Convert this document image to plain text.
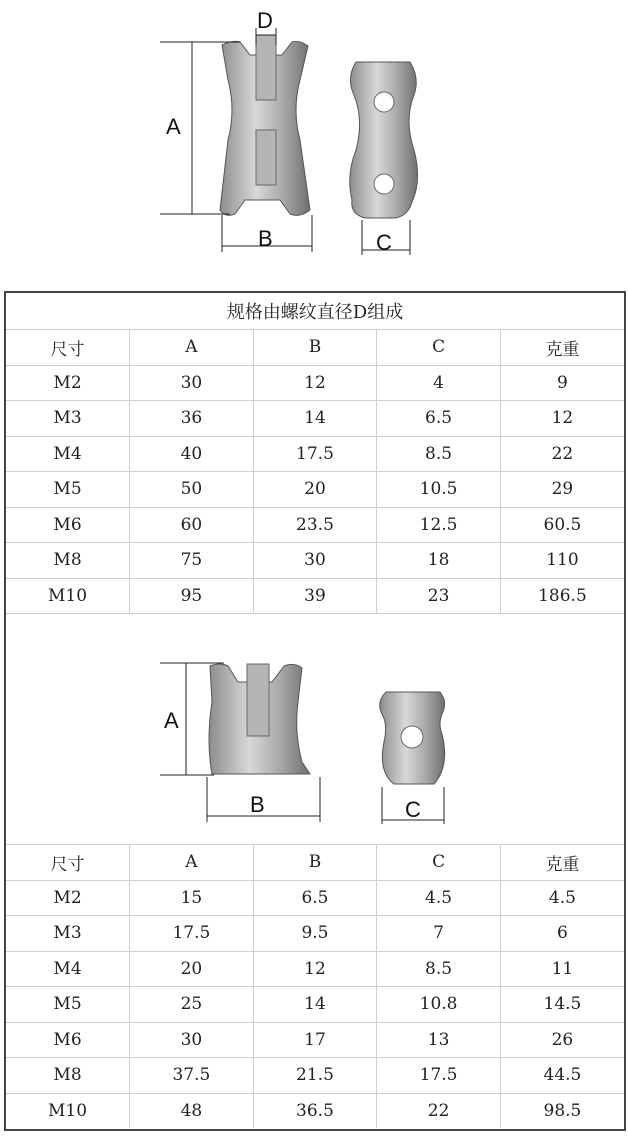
A
B	C
D
规格由螺纹直径D组成				
尺寸	A	B	C	克重
M2	30	12	4	9
M3	36	14	6.5	12
M4	40	17.5	8.5	22
M5	50	20	10.5	29
M6	60	23.5	12.5	60.5
M8	75	30	18	110
M10	95	39	23	186.5
A
B	C
尺寸	A	B	C	克重
M2	15	6.5	4.5	4.5
M3	17.5	9.5	7	6
M4	20	12	8.5	11
M5	25	14	10.8	14.5
M6	30	17	13	26
M8	37.5	21.5	17.5	44.5
M10	48	36.5	22	98.5
